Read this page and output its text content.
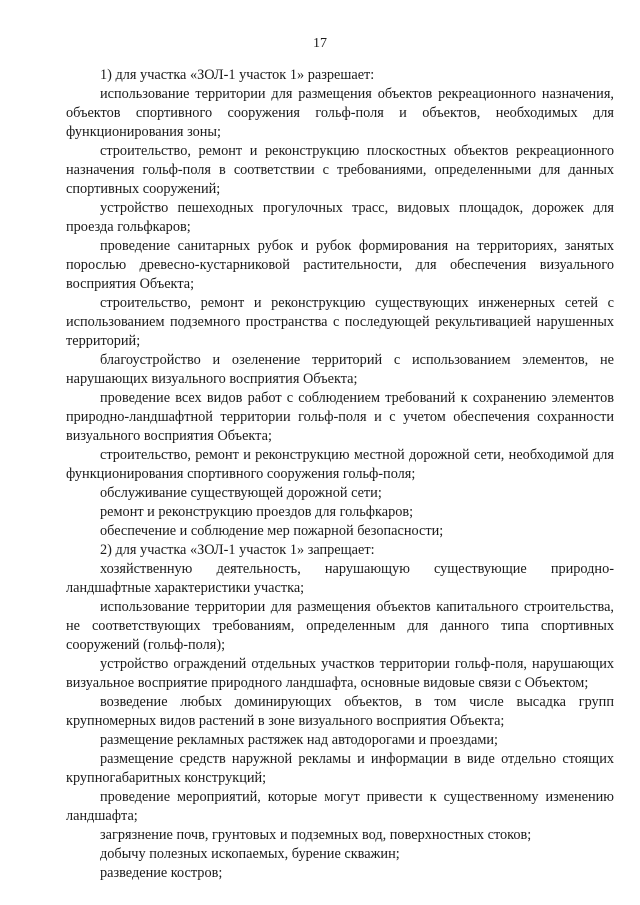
17

1) для участка «ЗОЛ-1 участок 1» разрешает:

использование территории для размещения объектов рекреационного назначения, объектов спортивного сооружения гольф-поля и объектов, необходимых для функционирования зоны;

строительство, ремонт и реконструкцию плоскостных объектов рекреационного назначения гольф-поля в соответствии с требованиями, определенными для данных спортивных сооружений;

устройство пешеходных прогулочных трасс, видовых площадок, дорожек для проезда гольфкаров;

проведение санитарных рубок и рубок формирования на территориях, занятых порослью древесно-кустарниковой растительности, для обеспечения визуального восприятия Объекта;

строительство, ремонт и реконструкцию существующих инженерных сетей с использованием подземного пространства с последующей рекультивацией нарушенных территорий;

благоустройство и озеленение территорий с использованием элементов, не нарушающих визуального восприятия Объекта;

проведение всех видов работ с соблюдением требований к сохранению элементов природно-ландшафтной территории гольф-поля и с учетом обеспечения сохранности визуального восприятия Объекта;

строительство, ремонт и реконструкцию местной дорожной сети, необходимой для функционирования спортивного сооружения гольф-поля;

обслуживание существующей дорожной сети;

ремонт и реконструкцию проездов для гольфкаров;

обеспечение и соблюдение мер пожарной безопасности;

2) для участка «ЗОЛ-1 участок 1» запрещает:

хозяйственную деятельность, нарушающую существующие природно-ландшафтные характеристики участка;

использование территории для размещения объектов капитального строительства, не соответствующих требованиям, определенным для данного типа спортивных сооружений (гольф-поля);

устройство ограждений отдельных участков территории гольф-поля, нарушающих визуальное восприятие природного ландшафта, основные видовые связи с Объектом;

возведение любых доминирующих объектов, в том числе высадка групп крупномерных видов растений в зоне визуального восприятия Объекта;

размещение рекламных растяжек над автодорогами и проездами;

размещение средств наружной рекламы и информации в виде отдельно стоящих крупногабаритных конструкций;

проведение мероприятий, которые могут привести к существенному изменению ландшафта;

загрязнение почв, грунтовых и подземных вод, поверхностных стоков;

добычу полезных ископаемых, бурение скважин;

разведение костров;
